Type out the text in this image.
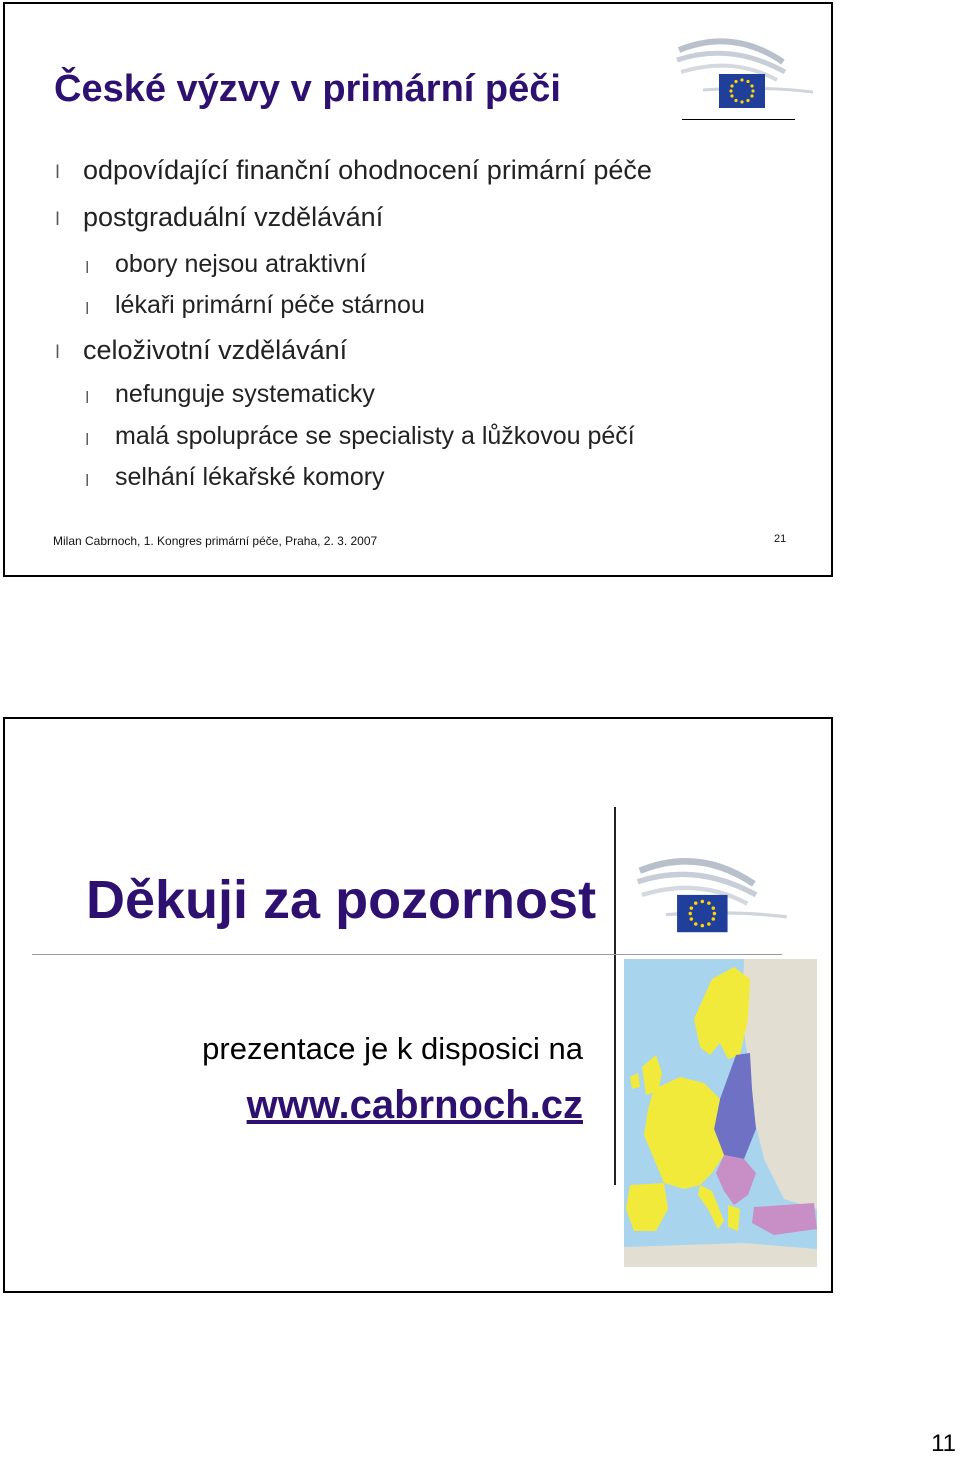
České výzvy v primární péči
l odpovídající finanční ohodnocení primární péče
l postgraduální vzdělávání
l obory nejsou atraktivní
l lékaři primární péče stárnou
l celoživotní vzdělávání
l nefunguje systematicky
l malá spolupráce se specialisty a lůžkovou péčí
l selhání lékařské komory
Milan Cabrnoch, 1. Kongres primární péče, Praha, 2. 3. 2007	21
Děkuji za pozornost
prezentace je k disposici na
www.cabrnoch.cz
11
